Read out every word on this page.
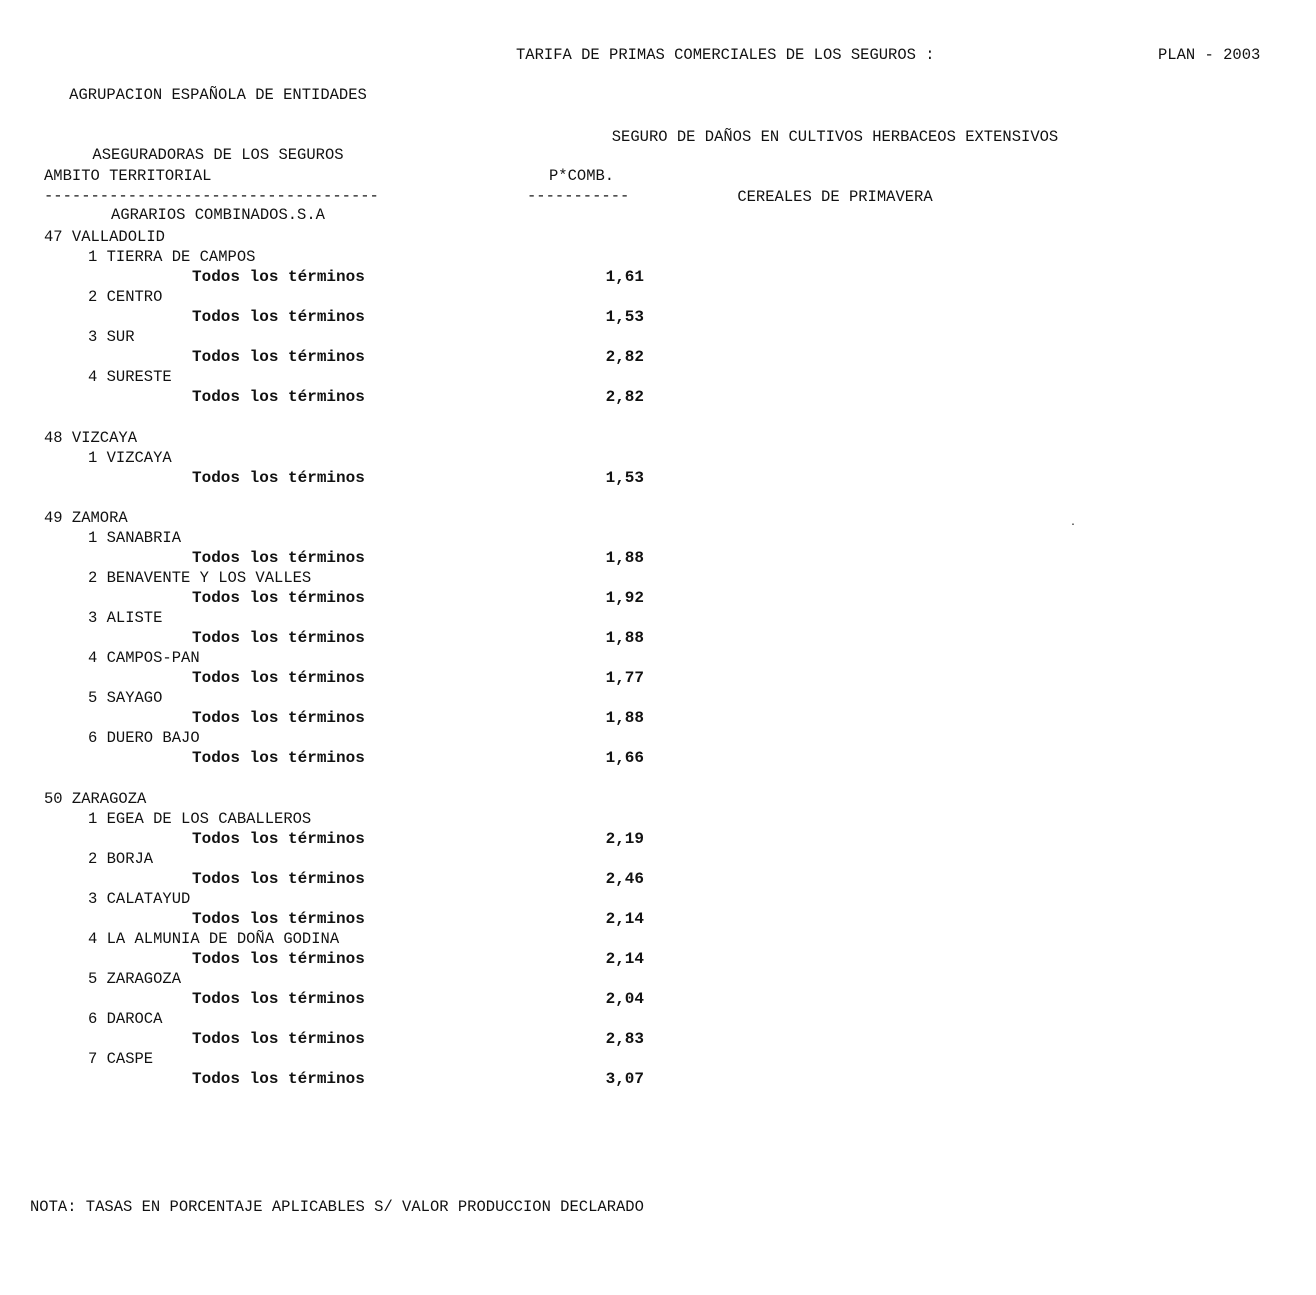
AGRUPACION ESPAÑOLA DE ENTIDADES

ASEGURADORAS DE LOS SEGUROS

AGRARIOS COMBINADOS.S.A

TARIFA DE PRIMAS COMERCIALES DE LOS SEGUROS :	PLAN - 2003

SEGURO DE DAÑOS EN CULTIVOS HERBACEOS EXTENSIVOS

CEREALES DE PRIMAVERA

AMBITO TERRITORIAL	P*COMB.
------------------------------------	-----------
47 VALLADOLID
1 TIERRA DE CAMPOS
Todos los términos	1,61
2 CENTRO
Todos los términos	1,53
3 SUR
Todos los términos	2,82
4 SURESTE
Todos los términos	2,82
48 VIZCAYA
1 VIZCAYA
Todos los términos	1,53
49 ZAMORA
1 SANABRIA
Todos los términos	1,88
2 BENAVENTE Y LOS VALLES
Todos los términos	1,92
3 ALISTE
Todos los términos	1,88
4 CAMPOS-PAN
Todos los términos	1,77
5 SAYAGO
Todos los términos	1,88
6 DUERO BAJO
Todos los términos	1,66
50 ZARAGOZA
1 EGEA DE LOS CABALLEROS
Todos los términos	2,19
2 BORJA
Todos los términos	2,46
3 CALATAYUD
Todos los términos	2,14
4 LA ALMUNIA DE DOÑA GODINA
Todos los términos	2,14
5 ZARAGOZA
Todos los términos	2,04
6 DAROCA
Todos los términos	2,83
7 CASPE
Todos los términos	3,07
·
NOTA: TASAS EN PORCENTAJE APLICABLES S/ VALOR PRODUCCION DECLARADO
